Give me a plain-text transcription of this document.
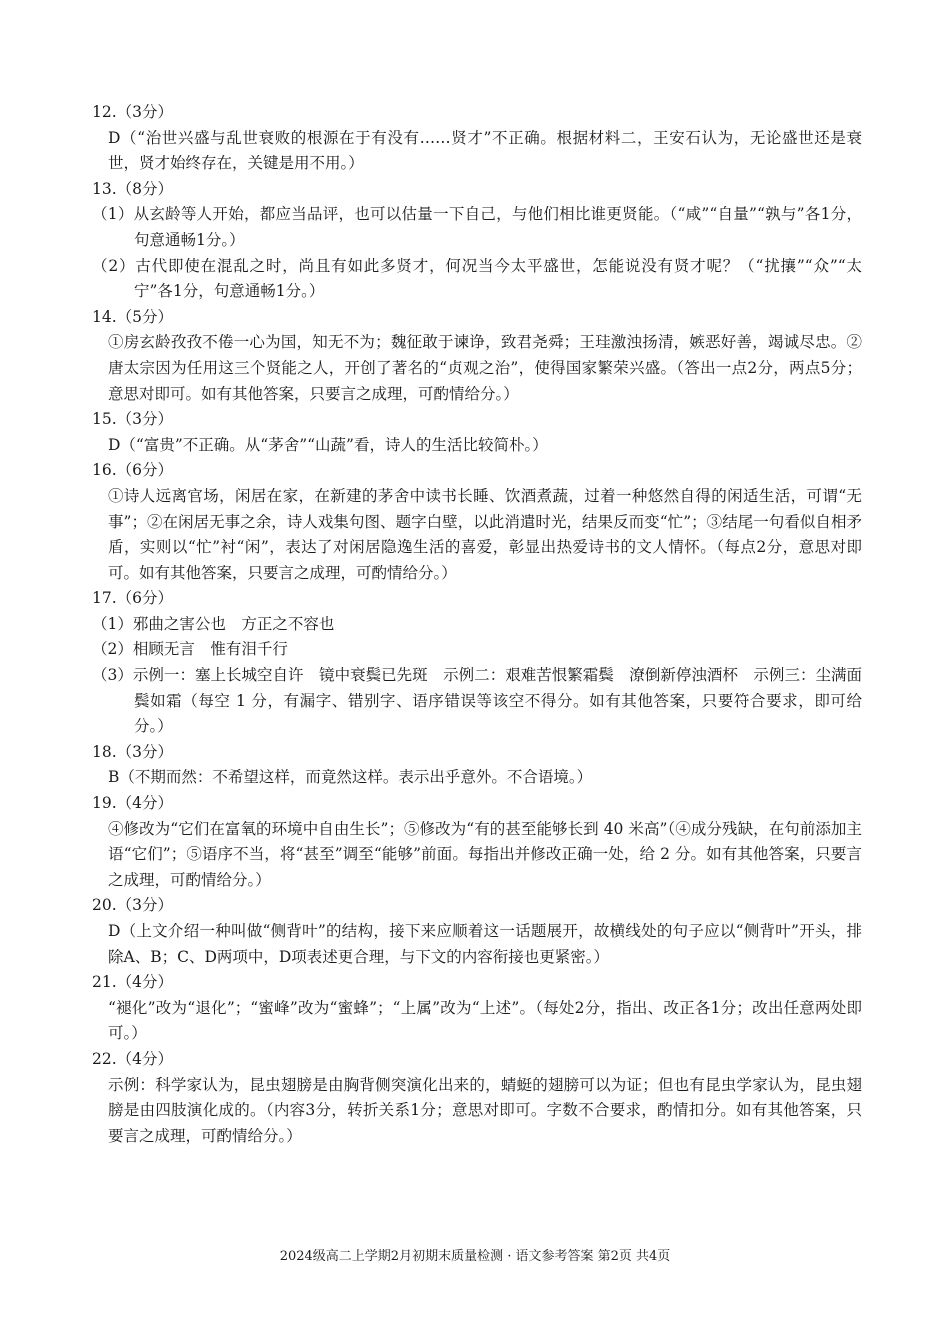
12.（3分）

D（“治世兴盛与乱世衰败的根源在于有没有……贤才”不正确。根据材料二，王安石认为，无论盛世还是衰世，贤才始终存在，关键是用不用。）

13.（8分）

（1）从玄龄等人开始，都应当品评，也可以估量一下自己，与他们相比谁更贤能。（“咸”“自量”“孰与”各1分，句意通畅1分。）

（2）古代即使在混乱之时，尚且有如此多贤才，何况当今太平盛世，怎能说没有贤才呢？（“扰攘”“众”“太宁”各1分，句意通畅1分。）

14.（5分）

①房玄龄孜孜不倦一心为国，知无不为；魏征敢于谏诤，致君尧舜；王珪激浊扬清，嫉恶好善，竭诚尽忠。②唐太宗因为任用这三个贤能之人，开创了著名的“贞观之治”，使得国家繁荣兴盛。（答出一点2分，两点5分；意思对即可。如有其他答案，只要言之成理，可酌情给分。）

15.（3分）

D（“富贵”不正确。从“茅舍”“山蔬”看，诗人的生活比较简朴。）

16.（6分）

①诗人远离官场，闲居在家，在新建的茅舍中读书长睡、饮酒煮蔬，过着一种悠然自得的闲适生活，可谓“无事”；②在闲居无事之余，诗人戏集句图、题字白壁，以此消遣时光，结果反而变“忙”；③结尾一句看似自相矛盾，实则以“忙”衬“闲”，表达了对闲居隐逸生活的喜爱，彰显出热爱诗书的文人情怀。（每点2分，意思对即可。如有其他答案，只要言之成理，可酌情给分。）

17.（6分）

（1）邪曲之害公也　方正之不容也

（2）相顾无言　惟有泪千行

（3）示例一：塞上长城空自许　镜中衰鬓已先斑　示例二：艰难苦恨繁霜鬓　潦倒新停浊酒杯　示例三：尘满面　鬓如霜（每空 1 分，有漏字、错别字、语序错误等该空不得分。如有其他答案，只要符合要求，即可给分。）

18.（3分）

B（不期而然：不希望这样，而竟然这样。表示出乎意外。不合语境。）

19.（4分）

④修改为“它们在富氧的环境中自由生长”；⑤修改为“有的甚至能够长到 40 米高”（④成分残缺，在句前添加主语“它们”；⑤语序不当，将“甚至”调至“能够”前面。每指出并修改正确一处，给 2 分。如有其他答案，只要言之成理，可酌情给分。）

20.（3分）

D（上文介绍一种叫做“侧背叶”的结构，接下来应顺着这一话题展开，故横线处的句子应以“侧背叶”开头，排除A、B；C、D两项中，D项表述更合理，与下文的内容衔接也更紧密。）

21.（4分）

“褪化”改为“退化”；“蜜峰”改为“蜜蜂”；“上属”改为“上述”。（每处2分，指出、改正各1分；改出任意两处即可。）

22.（4分）

示例：科学家认为，昆虫翅膀是由胸背侧突演化出来的，蜻蜓的翅膀可以为证；但也有昆虫学家认为，昆虫翅膀是由四肢演化成的。（内容3分，转折关系1分；意思对即可。字数不合要求，酌情扣分。如有其他答案，只要言之成理，可酌情给分。）

2024级高二上学期2月初期末质量检测 · 语文参考答案 第2页 共4页
